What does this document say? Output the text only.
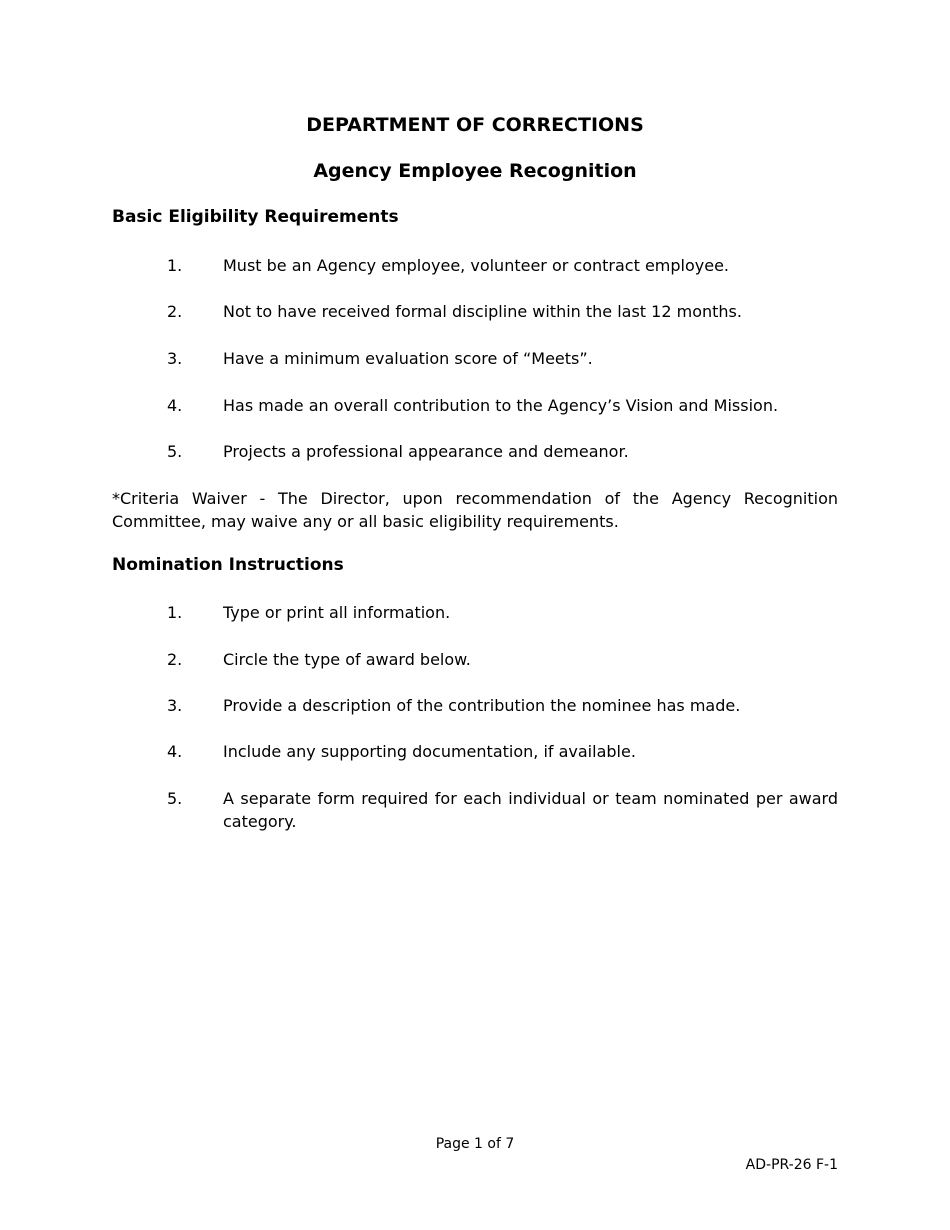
DEPARTMENT OF CORRECTIONS
Agency Employee Recognition
Basic Eligibility Requirements
1.	Must be an Agency employee, volunteer or contract employee.
2.	Not to have received formal discipline within the last 12 months.
3.	Have a minimum evaluation score of “Meets”.
4.	Has made an overall contribution to the Agency’s Vision and Mission.
5.	Projects a professional appearance and demeanor.

*Criteria Waiver - The Director, upon recommendation of the Agency Recognition Committee, may waive any or all basic eligibility requirements.

Nomination Instructions
1.	Type or print all information.
2.	Circle the type of award below.
3.	Provide a description of the contribution the nominee has made.
4.	Include any supporting documentation, if available.
5.	A separate form required for each individual or team nominated per award category.
Page 1 of 7
AD-PR-26 F-1
